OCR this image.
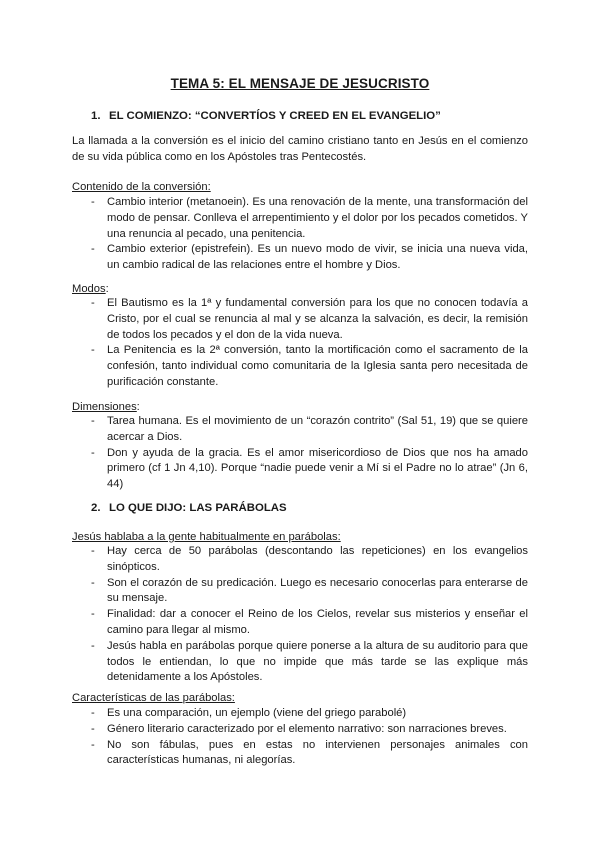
TEMA 5: EL MENSAJE DE JESUCRISTO
1. EL COMIENZO: “CONVERTÍOS Y CREED EN EL EVANGELIO”
La llamada a la conversión es el inicio del camino cristiano tanto en Jesús en el comienzo de su vida pública como en los Apóstoles tras Pentecostés.
Contenido de la conversión:
- Cambio interior (metanoein). Es una renovación de la mente, una transformación del modo de pensar. Conlleva el arrepentimiento y el dolor por los pecados cometidos. Y una renuncia al pecado, una penitencia.
- Cambio exterior (epistrefein). Es un nuevo modo de vivir, se inicia una nueva vida, un cambio radical de las relaciones entre el hombre y Dios.
Modos:
- El Bautismo es la 1ª y fundamental conversión para los que no conocen todavía a Cristo, por el cual se renuncia al mal y se alcanza la salvación, es decir, la remisión de todos los pecados y el don de la vida nueva.
- La Penitencia es la 2ª conversión, tanto la mortificación como el sacramento de la confesión, tanto individual como comunitaria de la Iglesia santa pero necesitada de purificación constante.
Dimensiones:
- Tarea humana. Es el movimiento de un “corazón contrito” (Sal 51, 19) que se quiere acercar a Dios.
- Don y ayuda de la gracia. Es el amor misericordioso de Dios que nos ha amado primero (cf 1 Jn 4,10). Porque “nadie puede venir a Mí si el Padre no lo atrae” (Jn 6, 44)
2. LO QUE DIJO: LAS PARÁBOLAS
Jesús hablaba a la gente habitualmente en parábolas:
- Hay cerca de 50 parábolas (descontando las repeticiones) en los evangelios sinópticos.
- Son el corazón de su predicación. Luego es necesario conocerlas para enterarse de su mensaje.
- Finalidad: dar a conocer el Reino de los Cielos, revelar sus misterios y enseñar el camino para llegar al mismo.
- Jesús habla en parábolas porque quiere ponerse a la altura de su auditorio para que todos le entiendan, lo que no impide que más tarde se las explique más detenidamente a los Apóstoles.
Características de las parábolas:
- Es una comparación, un ejemplo (viene del griego parabolé)
- Género literario caracterizado por el elemento narrativo: son narraciones breves.
- No son fábulas, pues en estas no intervienen personajes animales con características humanas, ni alegorías.
